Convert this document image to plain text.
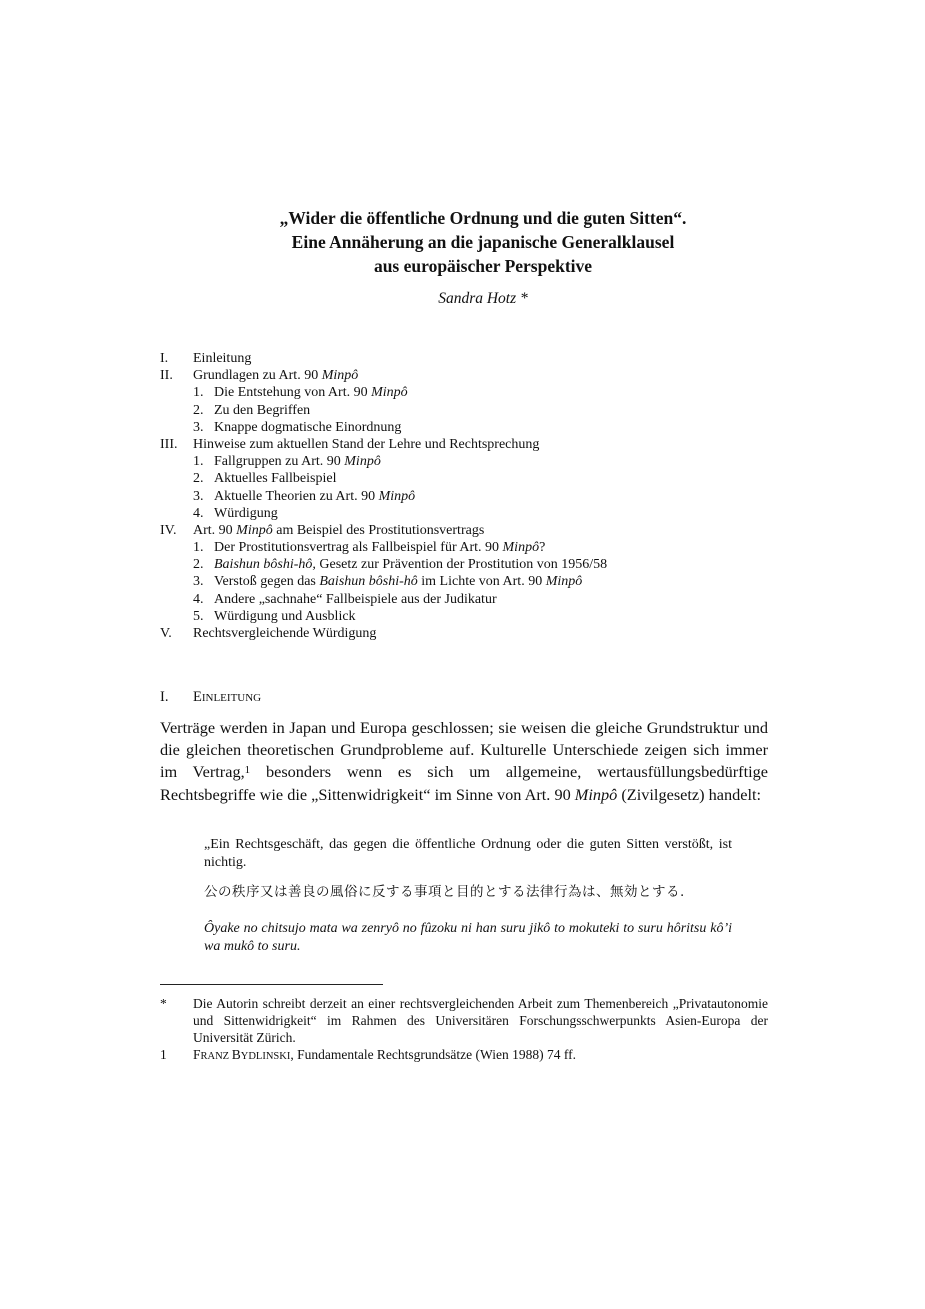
„Wider die öffentliche Ordnung und die guten Sitten“.
Eine Annäherung an die japanische Generalklausel
aus europäischer Perspektive
Sandra Hotz *
I. Einleitung
II. Grundlagen zu Art. 90 Minpô
1. Die Entstehung von Art. 90 Minpô
2. Zu den Begriffen
3. Knappe dogmatische Einordnung
III. Hinweise zum aktuellen Stand der Lehre und Rechtsprechung
1. Fallgruppen zu Art. 90 Minpô
2. Aktuelles Fallbeispiel
3. Aktuelle Theorien zu Art. 90 Minpô
4. Würdigung
IV. Art. 90 Minpô am Beispiel des Prostitutionsvertrags
1. Der Prostitutionsvertrag als Fallbeispiel für Art. 90 Minpô?
2. Baishun bôshi-hô, Gesetz zur Prävention der Prostitution von 1956/58
3. Verstoß gegen das Baishun bôshi-hô im Lichte von Art. 90 Minpô
4. Andere „sachnahe“ Fallbeispiele aus der Judikatur
5. Würdigung und Ausblick
V. Rechtsvergleichende Würdigung
I. EINLEITUNG
Verträge werden in Japan und Europa geschlossen; sie weisen die gleiche Grundstruktur und die gleichen theoretischen Grundprobleme auf. Kulturelle Unterschiede zeigen sich immer im Vertrag,$^1$ besonders wenn es sich um allgemeine, wertausfüllungsbedürftige Rechtsbegriffe wie die „Sittenwidrigkeit“ im Sinne von Art. 90 Minpô (Zivilgesetz) handelt:
„Ein Rechtsgeschäft, das gegen die öffentliche Ordnung oder die guten Sitten verstößt, ist nichtig.
公の秩序又は善良の風俗に反する事項と目的とする法律行為は、無効とする.
Ôyake no chitsujo mata wa zenryô no fûzoku ni han suru jikô to mokuteki to suru hôritsu kô’i wa mukô to suru.
* Die Autorin schreibt derzeit an einer rechtsvergleichenden Arbeit zum Themenbereich „Privatautonomie und Sittenwidrigkeit“ im Rahmen des Universitären Forschungsschwerpunkts Asien-Europa der Universität Zürich.
1 FRANZ BYDLINSKI, Fundamentale Rechtsgrundsätze (Wien 1988) 74 ff.
